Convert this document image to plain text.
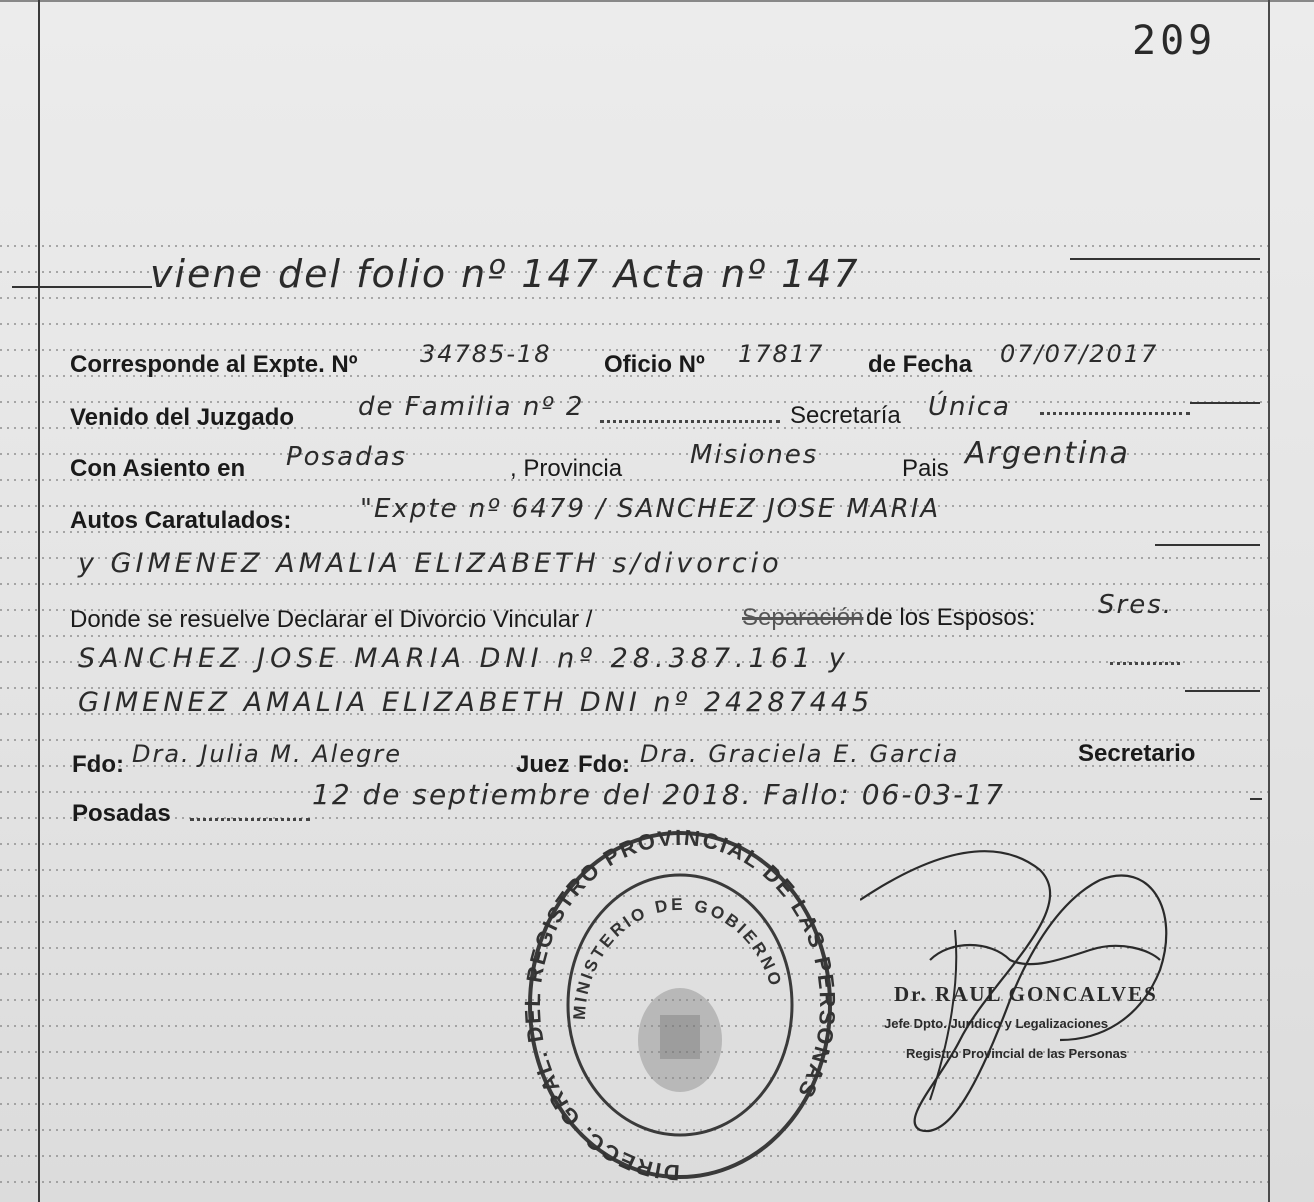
209
viene del folio nº 147 Acta nº 147
Corresponde al Expte. Nº	34785-18 Oficio Nº 17817 de Fecha 07/07/2017
Venido del Juzgado de Familia nº 2	Secretaría Única
Con Asiento en Posadas	, Provincia	Misiones	Pais Argentina
Autos Caratulados:	"Expte nº 6479 / SANCHEZ JOSE MARIA
y GIMENEZ AMALIA ELIZABETH s/divorcio
Donde se resuelve Declarar el Divorcio Vincular /	Separación de los Esposos: Sres.
SANCHEZ JOSE MARIA DNI nº 28.387.161 y
GIMENEZ AMALIA ELIZABETH DNI nº 24287445
Fdo: Dra. Julia M. Alegre	Juez Fdo: Dra. Graciela E. Garcia	Secretario
Posadas
12 de septiembre del 2018. Fallo: 06-03-17
DIRECC. GRAL. DEL REGISTRO PROVINCIAL DE LAS PERSONAS
MINISTERIO DE GOBIERNO
Dr. RAUL GONCALVES
Jefe Dpto. Jurídico y Legalizaciones
Registro Provincial de las Personas
